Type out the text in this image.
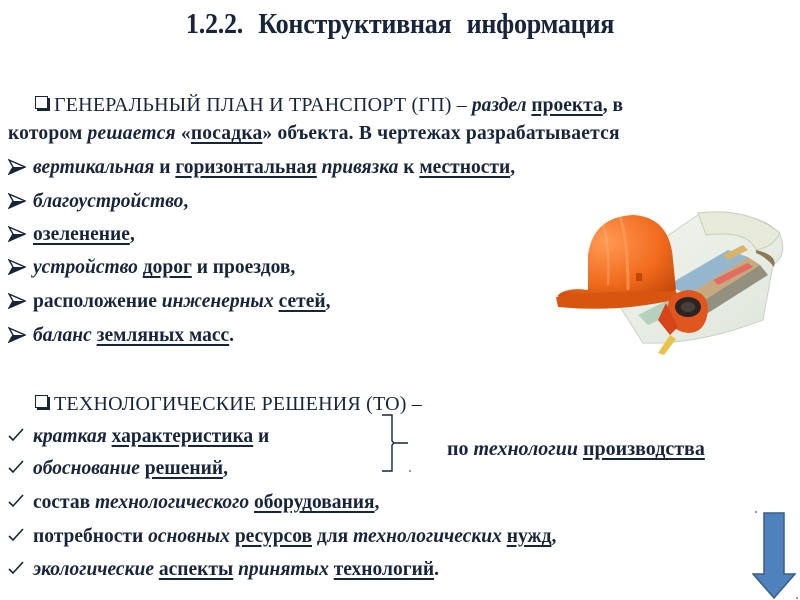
1.2.2. Конструктивная информация
ГЕНЕРАЛЬНЫЙ ПЛАН И ТРАНСПОРТ (ГП) – раздел проекта, в
котором решается «посадка» объекта. В чертежах разрабатывается
вертикальная и горизонтальная привязка к местности,
благоустройство,
озеленение,
устройство дорог и проездов,
расположение инженерных сетей,
баланс земляных масс.
ТЕХНОЛОГИЧЕСКИЕ РЕШЕНИЯ (ТО) –
краткая характеристика и
обоснование решений,
состав технологического оборудования,
потребности основных ресурсов для технологических нужд,
экологические аспекты принятых технологий.
по технологии производства
